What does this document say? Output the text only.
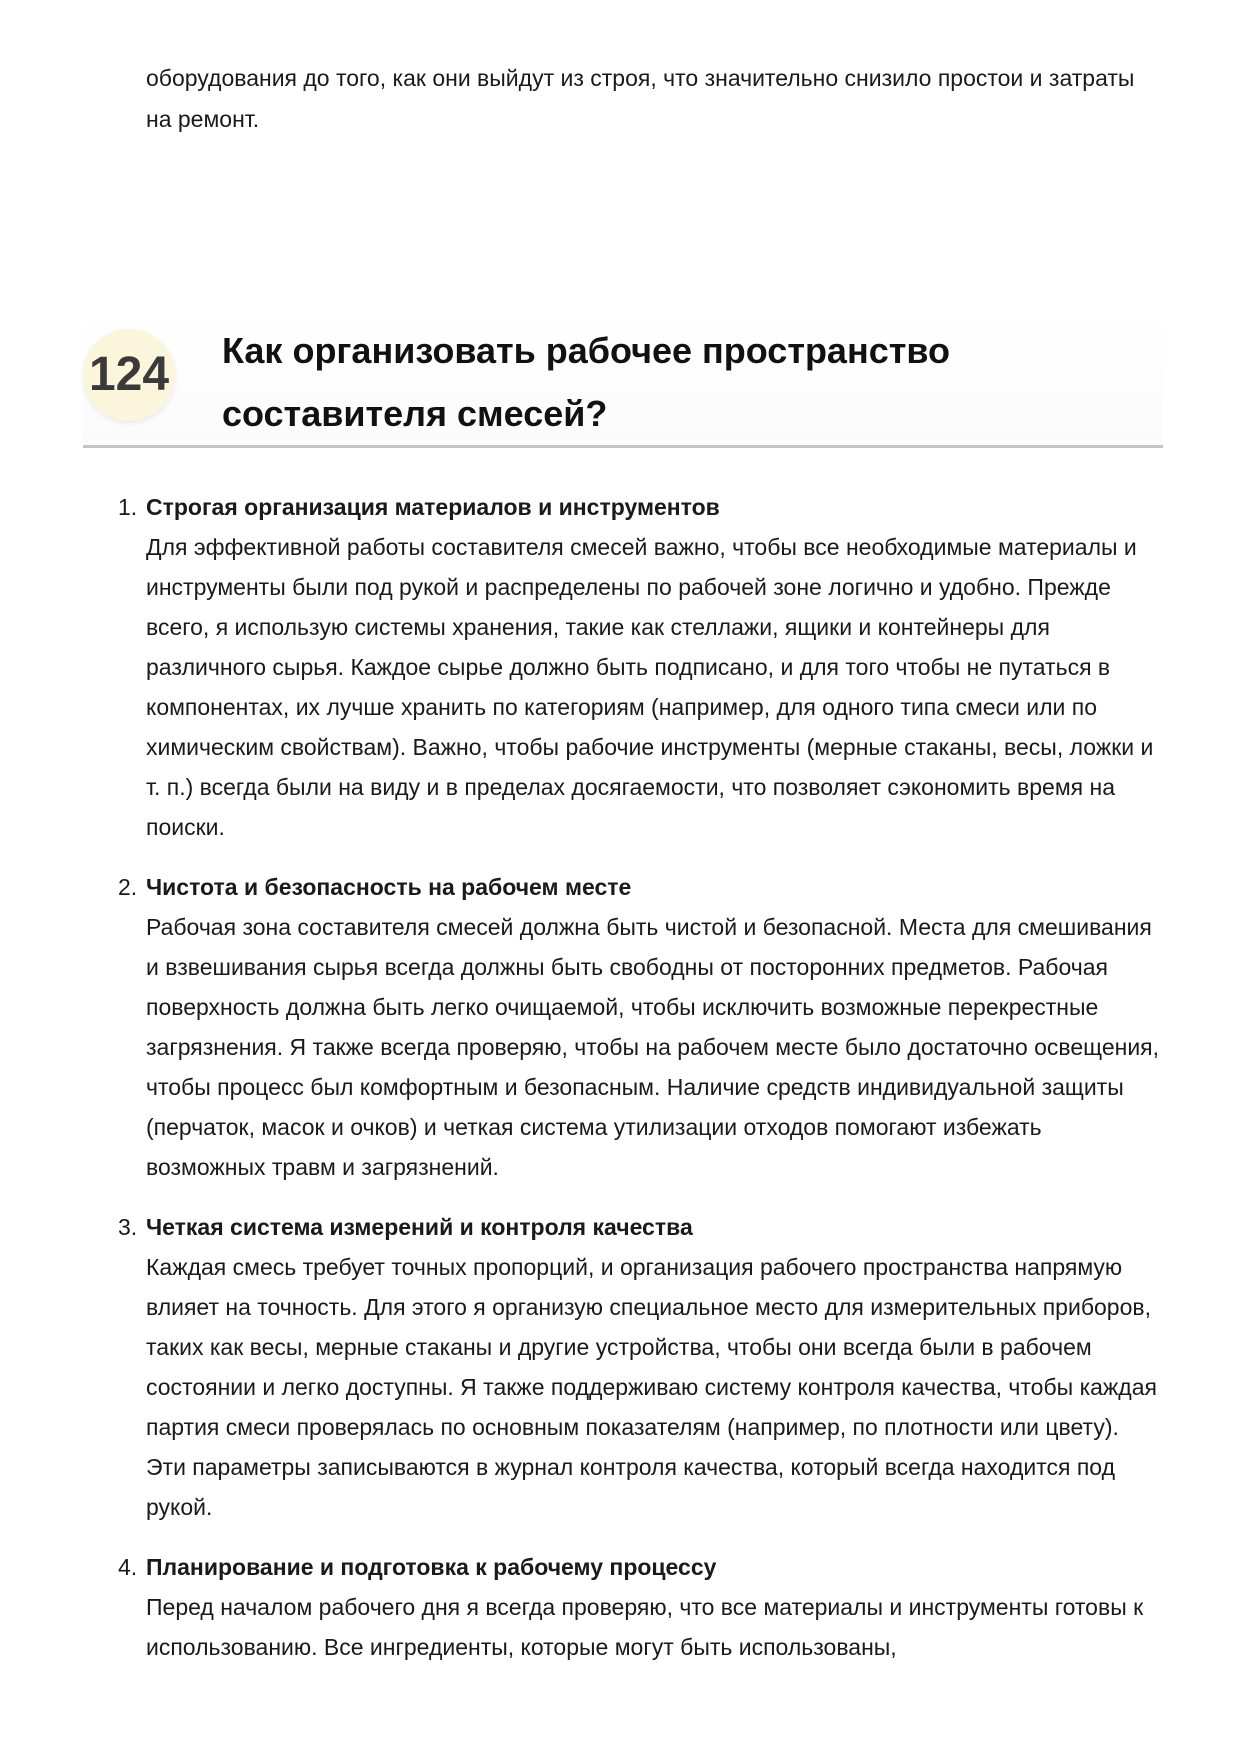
оборудования до того, как они выйдут из строя, что значительно снизило простои и затраты на ремонт.

124 Как организовать рабочее пространство составителя смесей?
1. Строгая организация материалов и инструментов
Для эффективной работы составителя смесей важно, чтобы все необходимые материалы и инструменты были под рукой и распределены по рабочей зоне логично и удобно. Прежде всего, я использую системы хранения, такие как стеллажи, ящики и контейнеры для различного сырья. Каждое сырье должно быть подписано, и для того чтобы не путаться в компонентах, их лучше хранить по категориям (например, для одного типа смеси или по химическим свойствам). Важно, чтобы рабочие инструменты (мерные стаканы, весы, ложки и т. п.) всегда были на виду и в пределах досягаемости, что позволяет сэкономить время на поиски.
2. Чистота и безопасность на рабочем месте
Рабочая зона составителя смесей должна быть чистой и безопасной. Места для смешивания и взвешивания сырья всегда должны быть свободны от посторонних предметов. Рабочая поверхность должна быть легко очищаемой, чтобы исключить возможные перекрестные загрязнения. Я также всегда проверяю, чтобы на рабочем месте было достаточно освещения, чтобы процесс был комфортным и безопасным. Наличие средств индивидуальной защиты (перчаток, масок и очков) и четкая система утилизации отходов помогают избежать возможных травм и загрязнений.
3. Четкая система измерений и контроля качества
Каждая смесь требует точных пропорций, и организация рабочего пространства напрямую влияет на точность. Для этого я организую специальное место для измерительных приборов, таких как весы, мерные стаканы и другие устройства, чтобы они всегда были в рабочем состоянии и легко доступны. Я также поддерживаю систему контроля качества, чтобы каждая партия смеси проверялась по основным показателям (например, по плотности или цвету). Эти параметры записываются в журнал контроля качества, который всегда находится под рукой.
4. Планирование и подготовка к рабочему процессу
Перед началом рабочего дня я всегда проверяю, что все материалы и инструменты готовы к использованию. Все ингредиенты, которые могут быть использованы,
